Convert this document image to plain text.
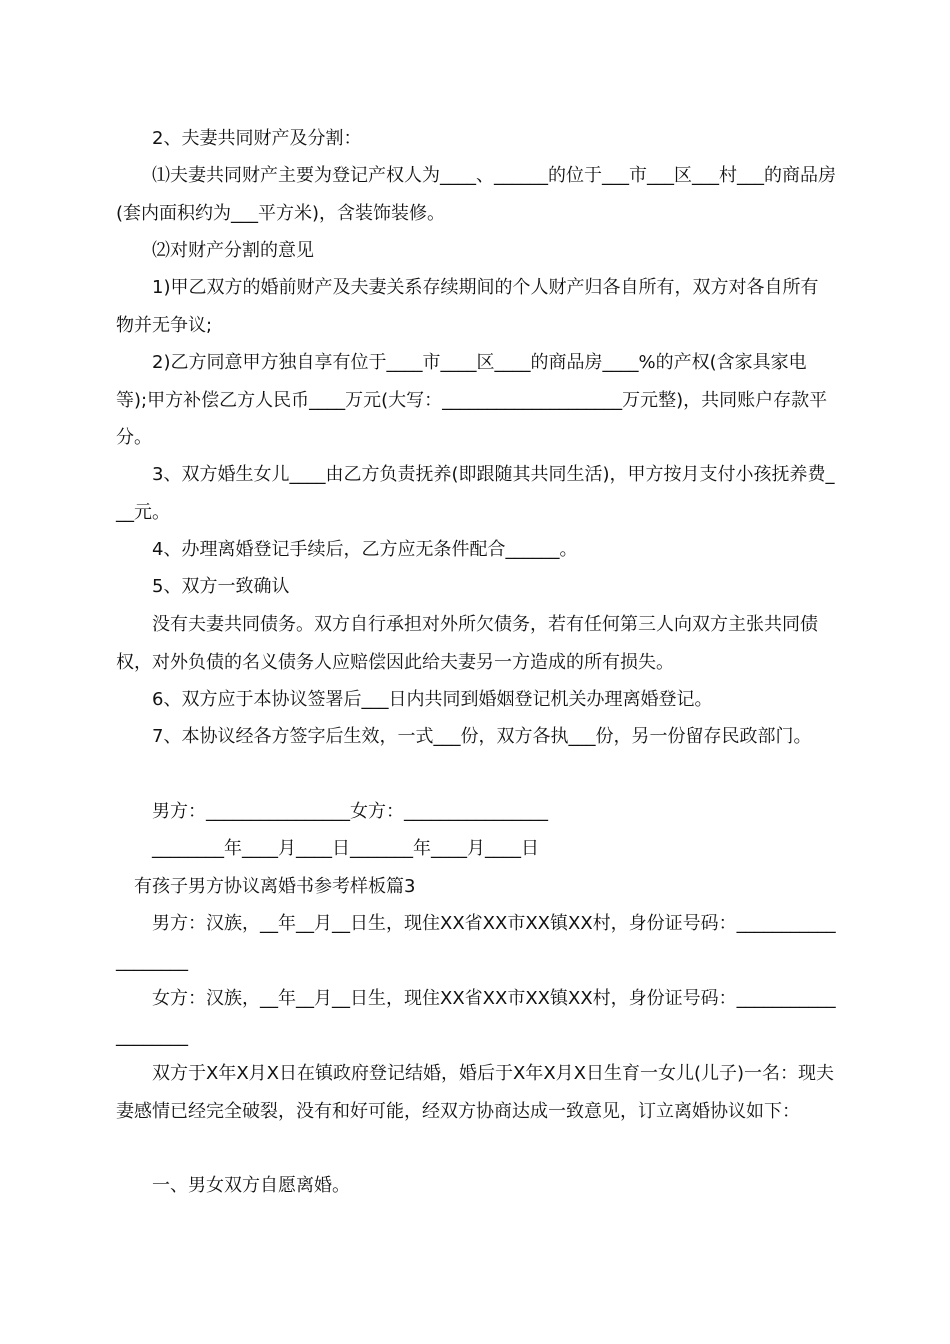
2、夫妻共同财产及分割：

⑴夫妻共同财产主要为登记产权人为____、______的位于___市___区___村___的商品房(套内面积约为___平方米)，含装饰装修。

⑵对财产分割的意见

1)甲乙双方的婚前财产及夫妻关系存续期间的个人财产归各自所有，双方对各自所有物并无争议;

2)乙方同意甲方独自享有位于____市____区____的商品房____%的产权(含家具家电等);甲方补偿乙方人民币____万元(大写：____________________万元整)，共同账户存款平分。

3、双方婚生女儿____由乙方负责抚养(即跟随其共同生活)，甲方按月支付小孩抚养费___元。

4、办理离婚登记手续后，乙方应无条件配合______。

5、双方一致确认

没有夫妻共同债务。双方自行承担对外所欠债务，若有任何第三人向双方主张共同债权，对外负债的名义债务人应赔偿因此给夫妻另一方造成的所有损失。

6、双方应于本协议签署后___日内共同到婚姻登记机关办理离婚登记。

7、本协议经各方签字后生效，一式___份，双方各执___份，另一份留存民政部门。

男方：________________女方：________________

________年____月____日_______年____月____日

有孩子男方协议离婚书参考样板篇3

男方：汉族，__年__月__日生，现住XX省XX市XX镇XX村，身份证号码：___________________

女方：汉族，__年__月__日生，现住XX省XX市XX镇XX村，身份证号码：___________________

双方于X年X月X日在镇政府登记结婚，婚后于X年X月X日生育一女儿(儿子)一名：现夫妻感情已经完全破裂，没有和好可能，经双方协商达成一致意见，订立离婚协议如下：

一、男女双方自愿离婚。
